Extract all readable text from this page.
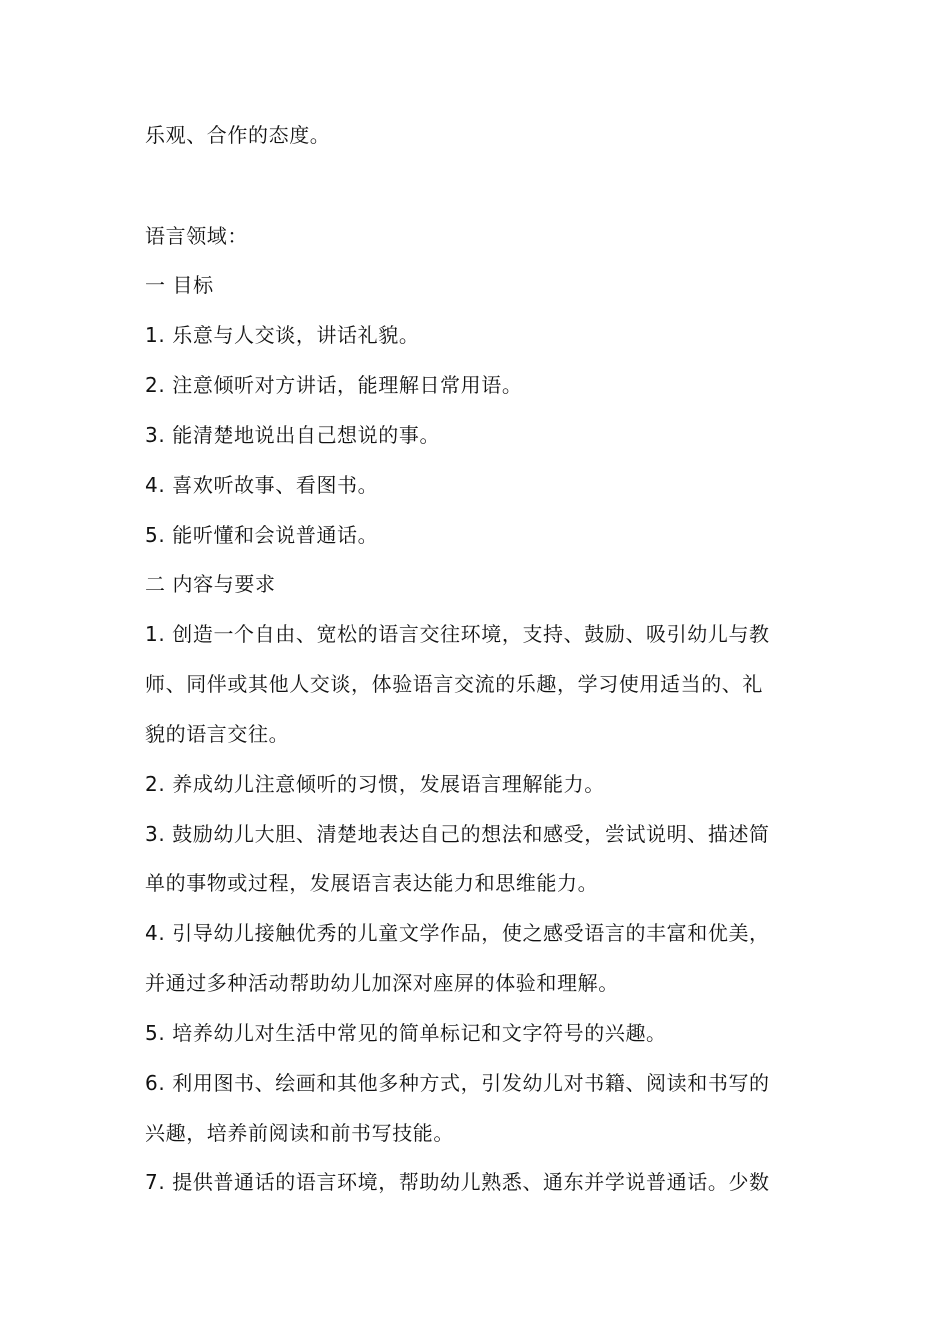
乐观、合作的态度。
语言领域：
一 目标
1. 乐意与人交谈，讲话礼貌。
2. 注意倾听对方讲话，能理解日常用语。
3. 能清楚地说出自己想说的事。
4. 喜欢听故事、看图书。
5. 能听懂和会说普通话。
二 内容与要求
1. 创造一个自由、宽松的语言交往环境，支持、鼓励、吸引幼儿与教
师、同伴或其他人交谈，体验语言交流的乐趣，学习使用适当的、礼
貌的语言交往。
2. 养成幼儿注意倾听的习惯，发展语言理解能力。
3. 鼓励幼儿大胆、清楚地表达自己的想法和感受，尝试说明、描述简
单的事物或过程，发展语言表达能力和思维能力。
4. 引导幼儿接触优秀的儿童文学作品，使之感受语言的丰富和优美，
并通过多种活动帮助幼儿加深对座屏的体验和理解。
5. 培养幼儿对生活中常见的简单标记和文字符号的兴趣。
6. 利用图书、绘画和其他多种方式，引发幼儿对书籍、阅读和书写的
兴趣，培养前阅读和前书写技能。
7. 提供普通话的语言环境，帮助幼儿熟悉、通东并学说普通话。少数
